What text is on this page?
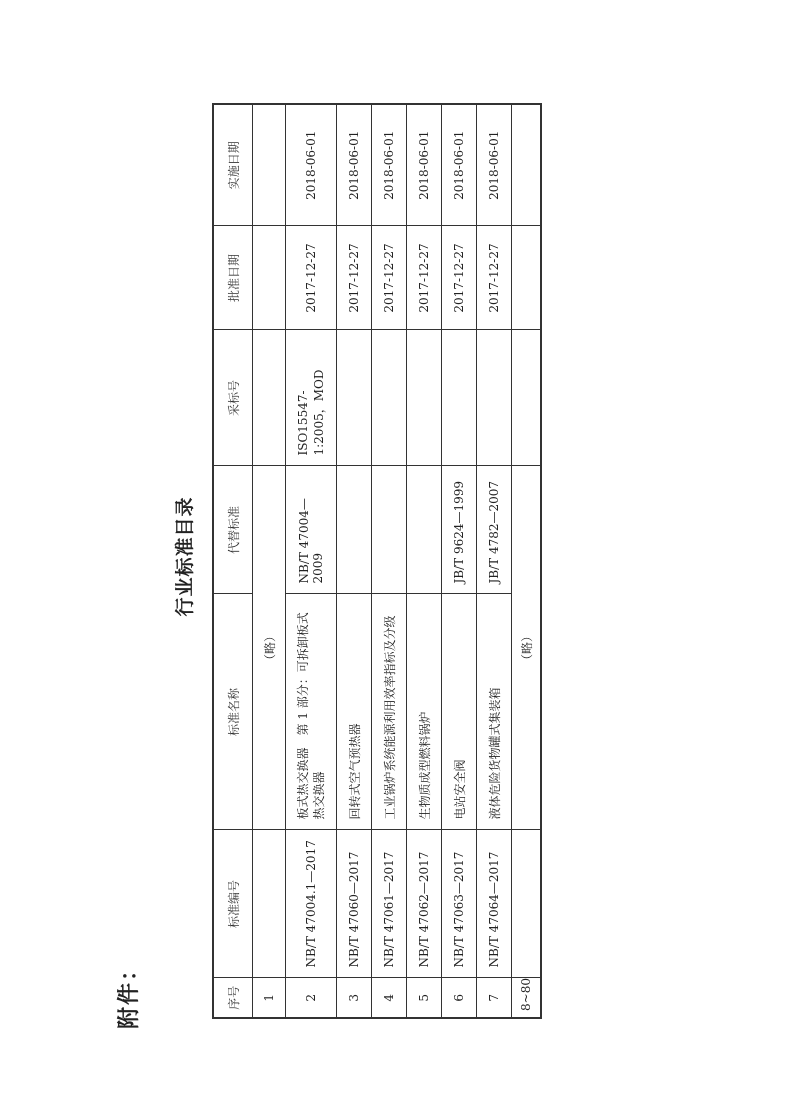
附件：
行业标准目录
序号	标准编号	标准名称	代替标准	采标号	批准日期	实施日期
1		（略）				
2	NB/T 47004.1—2017	板式热交换器　第 1 部分：可拆卸板式热交换器	NB/T 47004—2009	ISO15547-1:2005，MOD	2017-12-27	2018-06-01
3	NB/T 47060—2017	回转式空气预热器			2017-12-27	2018-06-01
4	NB/T 47061—2017	工业锅炉系统能源利用效率指标及分级			2017-12-27	2018-06-01
5	NB/T 47062—2017	生物质成型燃料锅炉			2017-12-27	2018-06-01
6	NB/T 47063—2017	电站安全阀	JB/T 9624—1999		2017-12-27	2018-06-01
7	NB/T 47064—2017	液体危险货物罐式集装箱	JB/T 4782—2007		2017-12-27	2018-06-01
8~80		（略）				
